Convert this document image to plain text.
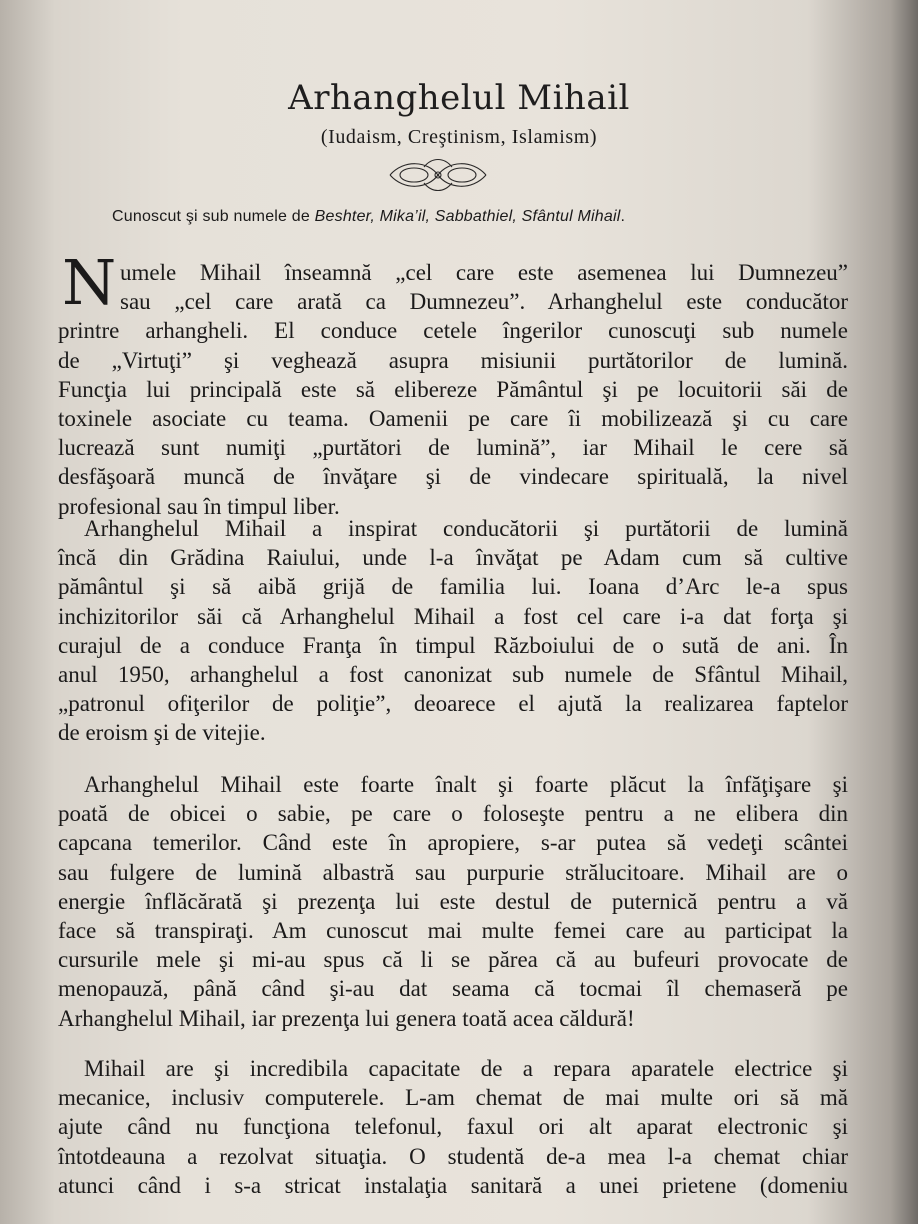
Arhanghelul Mihail
(Iudaism, Creştinism, Islamism)
Cunoscut şi sub numele de Beshter, Mika’il, Sabbathiel, Sfântul Mihail.
N umele Mihail înseamnă „cel care este asemenea lui Dumnezeu”
sau „cel care arată ca Dumnezeu”. Arhanghelul este conducător
printre arhangheli. El conduce cetele îngerilor cunoscuţi sub numele
de „Virtuţi” şi veghează asupra misiunii purtătorilor de lumină.
Funcţia lui principală este să elibereze Pământul şi pe locuitorii săi de
toxinele asociate cu teama. Oamenii pe care îi mobilizează şi cu care
lucrează sunt numiţi „purtători de lumină”, iar Mihail le cere să
desfăşoară muncă de învăţare şi de vindecare spirituală, la nivel
profesional sau în timpul liber.
Arhanghelul Mihail a inspirat conducătorii şi purtătorii de lumină
încă din Grădina Raiului, unde l-a învăţat pe Adam cum să cultive
pământul şi să aibă grijă de familia lui. Ioana d’Arc le-a spus
inchizitorilor săi că Arhanghelul Mihail a fost cel care i-a dat forţa şi
curajul de a conduce Franţa în timpul Războiului de o sută de ani. În
anul 1950, arhanghelul a fost canonizat sub numele de Sfântul Mihail,
„patronul ofiţerilor de poliţie”, deoarece el ajută la realizarea faptelor
de eroism şi de vitejie.
Arhanghelul Mihail este foarte înalt şi foarte plăcut la înfăţişare şi
poată de obicei o sabie, pe care o foloseşte pentru a ne elibera din
capcana temerilor. Când este în apropiere, s-ar putea să vedeţi scântei
sau fulgere de lumină albastră sau purpurie strălucitoare. Mihail are o
energie înflăcărată şi prezenţa lui este destul de puternică pentru a vă
face să transpiraţi. Am cunoscut mai multe femei care au participat la
cursurile mele şi mi-au spus că li se părea că au bufeuri provocate de
menopauză, până când şi-au dat seama că tocmai îl chemaseră pe
Arhanghelul Mihail, iar prezenţa lui genera toată acea căldură!
Mihail are şi incredibila capacitate de a repara aparatele electrice şi
mecanice, inclusiv computerele. L-am chemat de mai multe ori să mă
ajute când nu funcţiona telefonul, faxul ori alt aparat electronic şi
întotdeauna a rezolvat situaţia. O studentă de-a mea l-a chemat chiar
atunci când i s-a stricat instalaţia sanitară a unei prietene (domeniu
